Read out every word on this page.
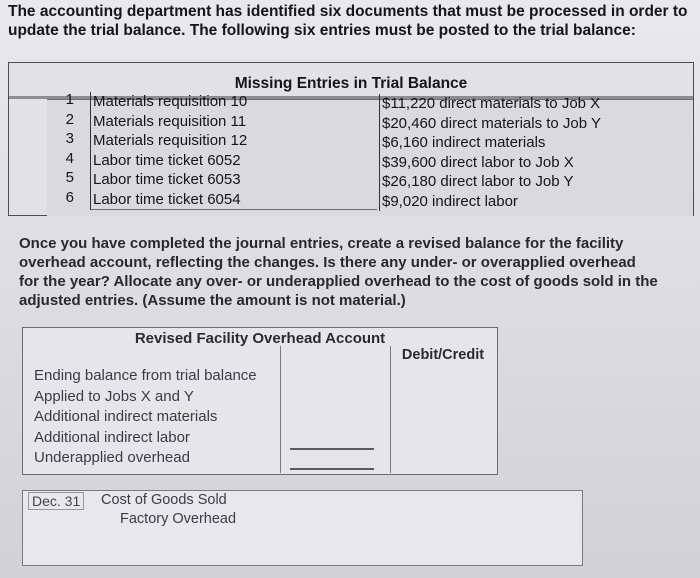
The accounting department has identified six documents that must be processed in order to update the trial balance. The following six entries must be posted to the trial balance:
Missing Entries in Trial Balance
1
2
3
4
5
6
Materials requisition 10
Materials requisition 11
Materials requisition 12
Labor time ticket 6052
Labor time ticket 6053
Labor time ticket 6054
$11,220 direct materials to Job X
$20,460 direct materials to Job Y
$6,160 indirect materials
$39,600 direct labor to Job X
$26,180 direct labor to Job Y
$9,020 indirect labor
Once you have completed the journal entries, create a revised balance for the facility overhead account, reflecting the changes. Is there any under- or overapplied overhead for the year? Allocate any over- or underapplied overhead to the cost of goods sold in the adjusted entries. (Assume the amount is not material.)
Revised Facility Overhead Account
Debit/Credit
Ending balance from trial balance
Applied to Jobs X and Y
Additional indirect materials
Additional indirect labor
Underapplied overhead
Dec. 31 Cost of Goods Sold
Factory Overhead
